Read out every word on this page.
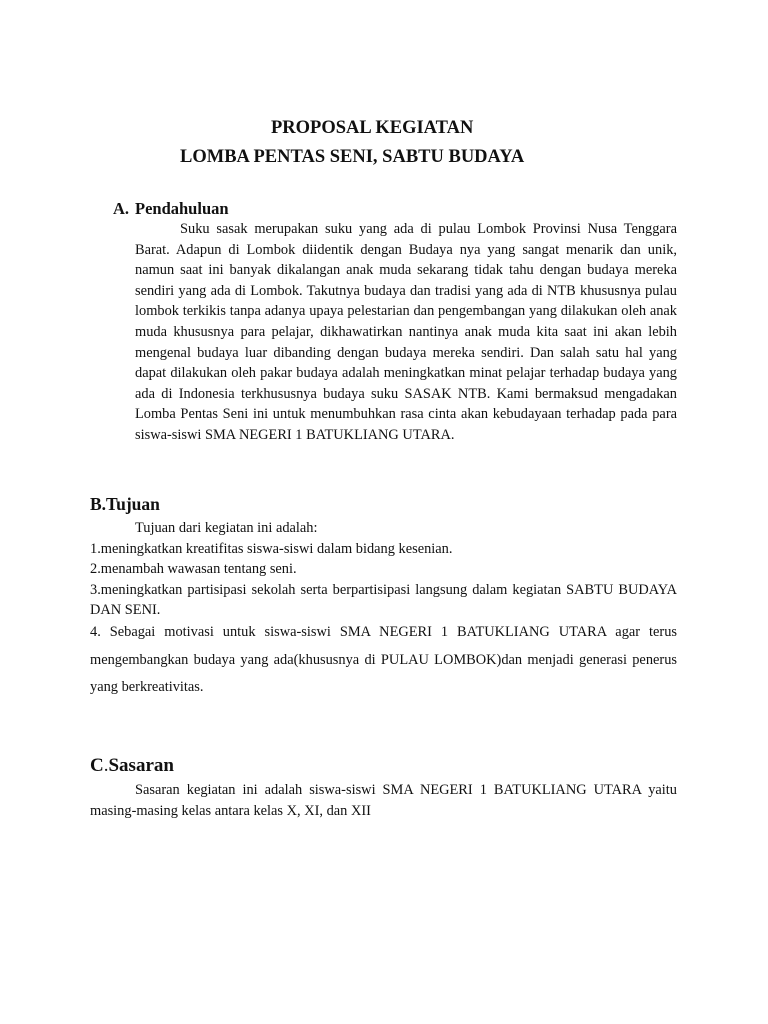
PROPOSAL KEGIATAN
LOMBA PENTAS SENI, SABTU BUDAYA
A. Pendahuluan

Suku sasak merupakan suku yang ada di pulau Lombok Provinsi Nusa Tenggara Barat. Adapun di Lombok diidentik dengan Budaya nya yang sangat menarik dan unik, namun saat ini banyak dikalangan anak muda sekarang tidak tahu dengan budaya mereka sendiri yang ada di Lombok. Takutnya budaya dan tradisi yang ada di NTB khususnya pulau lombok terkikis tanpa adanya upaya pelestarian dan pengembangan yang dilakukan oleh anak muda khususnya para pelajar, dikhawatirkan nantinya anak muda kita saat ini akan lebih mengenal budaya luar dibanding dengan budaya mereka sendiri. Dan salah satu hal yang dapat dilakukan oleh pakar budaya adalah meningkatkan minat pelajar terhadap budaya yang ada di Indonesia terkhususnya budaya suku SASAK NTB. Kami bermaksud mengadakan Lomba Pentas Seni ini untuk menumbuhkan rasa cinta akan kebudayaan terhadap pada para siswa-siswi SMA NEGERI 1 BATUKLIANG UTARA.

B.Tujuan

Tujuan dari kegiatan ini adalah:

1.meningkatkan kreatifitas siswa-siswi dalam bidang kesenian.

2.menambah wawasan tentang seni.

3.meningkatkan partisipasi sekolah serta berpartisipasi langsung dalam kegiatan SABTU BUDAYA DAN SENI.

4. Sebagai motivasi untuk siswa-siswi SMA NEGERI 1 BATUKLIANG UTARA agar terus mengembangkan budaya yang ada(khususnya di PULAU LOMBOK)dan menjadi generasi penerus yang berkreativitas.

C.Sasaran

Sasaran kegiatan ini adalah siswa-siswi SMA NEGERI 1 BATUKLIANG UTARA yaitu masing-masing kelas antara kelas X, XI, dan XII
